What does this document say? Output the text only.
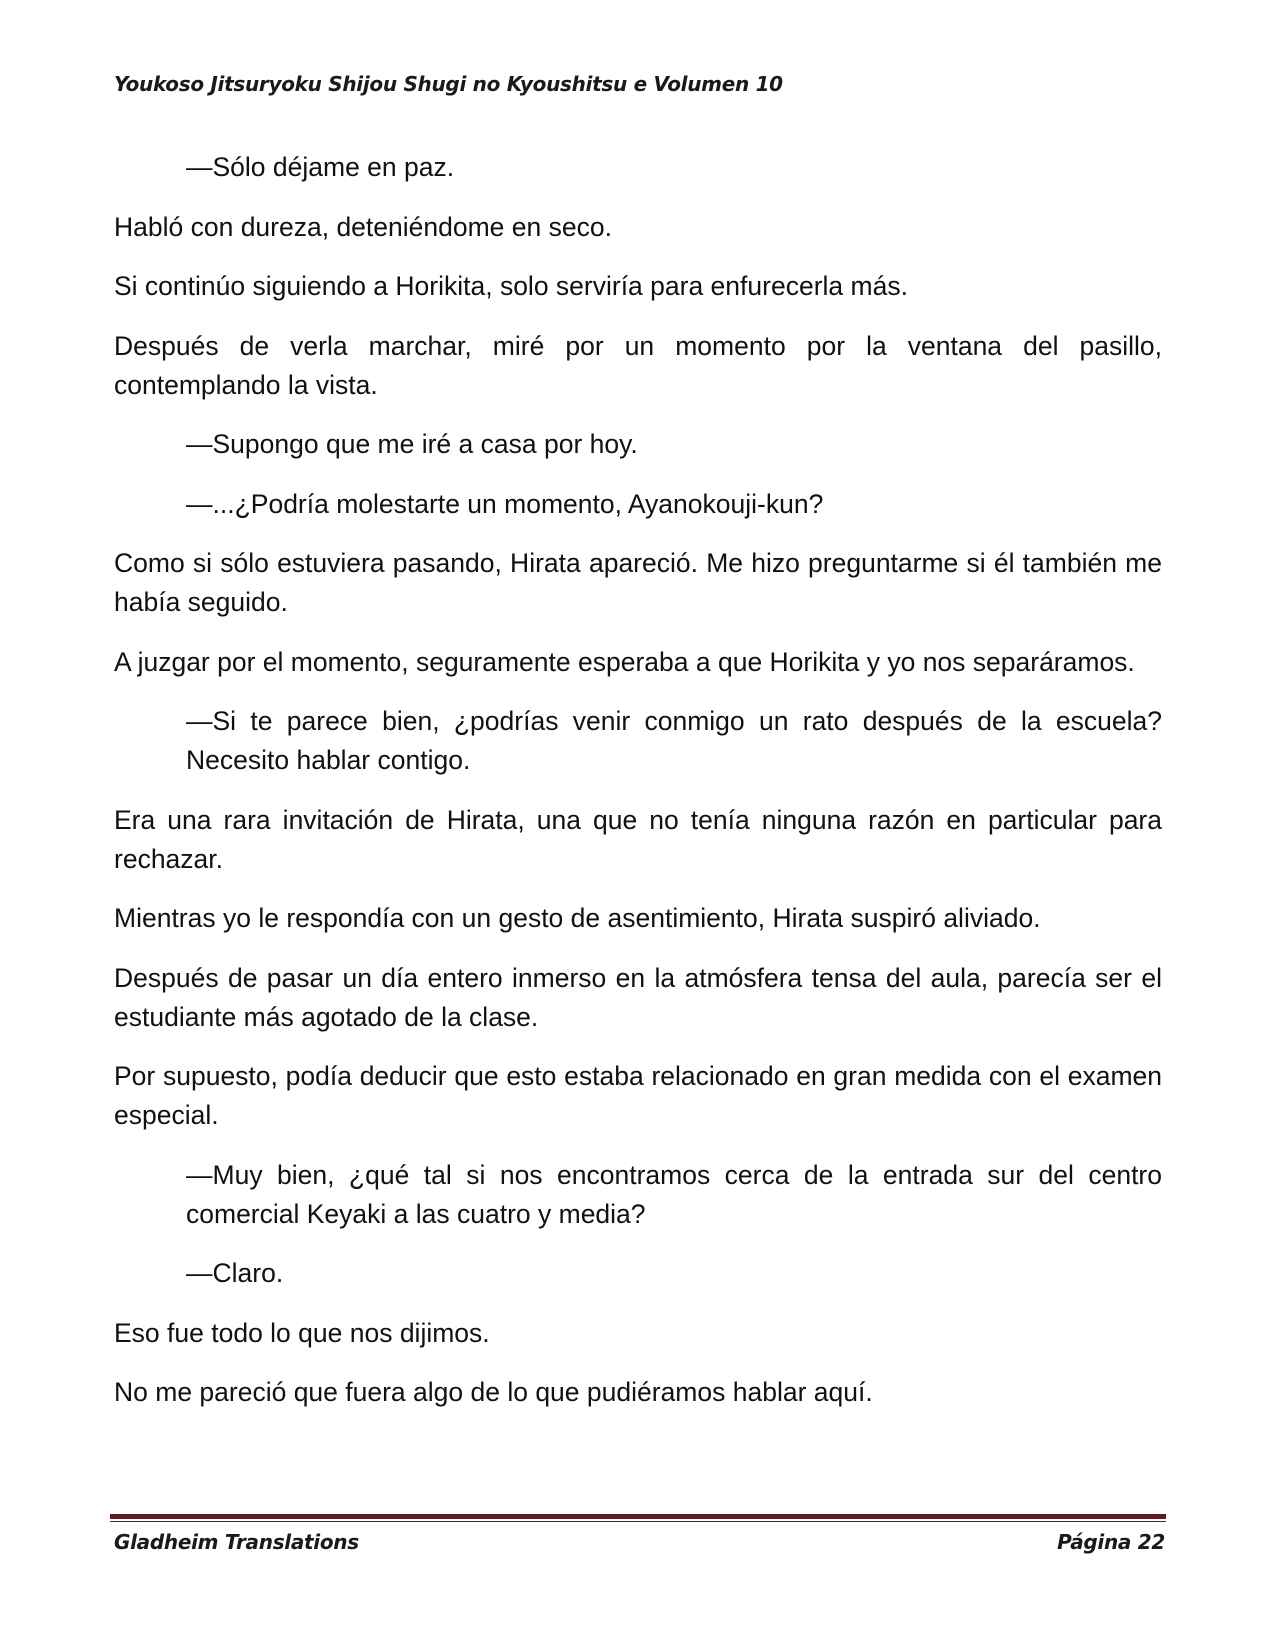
Youkoso Jitsuryoku Shijou Shugi no Kyoushitsu e Volumen 10

—Sólo déjame en paz.

Habló con dureza, deteniéndome en seco.

Si continúo siguiendo a Horikita, solo serviría para enfurecerla más.

Después de verla marchar, miré por un momento por la ventana del pasillo, contemplando la vista.

—Supongo que me iré a casa por hoy.

—...¿Podría molestarte un momento, Ayanokouji-kun?

Como si sólo estuviera pasando, Hirata apareció. Me hizo preguntarme si él también me había seguido.

A juzgar por el momento, seguramente esperaba a que Horikita y yo nos separáramos.

—Si te parece bien, ¿podrías venir conmigo un rato después de la escuela? Necesito hablar contigo.

Era una rara invitación de Hirata, una que no tenía ninguna razón en particular para rechazar.

Mientras yo le respondía con un gesto de asentimiento, Hirata suspiró aliviado.

Después de pasar un día entero inmerso en la atmósfera tensa del aula, parecía ser el estudiante más agotado de la clase.

Por supuesto, podía deducir que esto estaba relacionado en gran medida con el examen especial.

—Muy bien, ¿qué tal si nos encontramos cerca de la entrada sur del centro comercial Keyaki a las cuatro y media?

—Claro.

Eso fue todo lo que nos dijimos.

No me pareció que fuera algo de lo que pudiéramos hablar aquí.

Gladheim Translations	Página 22
